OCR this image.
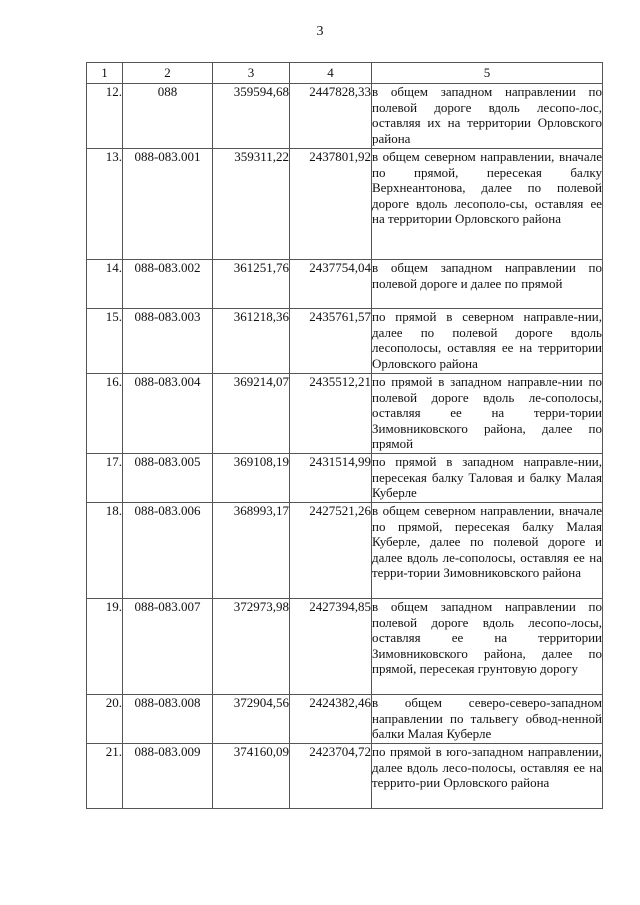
3
1	2	3	4	5
12.	088	359594,68	2447828,33	в общем западном направлении по полевой дороге вдоль лесопо-лос, оставляя их на территории Орловского района
13.	088-083.001	359311,22	2437801,92	в общем северном направлении, вначале по прямой, пересекая балку Верхнеантонова, далее по полевой дороге вдоль лесополо-сы, оставляя ее на территории Орловского района
14.	088-083.002	361251,76	2437754,04	в общем западном направлении по полевой дороге и далее по прямой
15.	088-083.003	361218,36	2435761,57	по прямой в северном направле-нии, далее по полевой дороге вдоль лесополосы, оставляя ее на территории Орловского района
16.	088-083.004	369214,07	2435512,21	по прямой в западном направле-нии по полевой дороге вдоль ле-сополосы, оставляя ее на терри-тории Зимовниковского района, далее по прямой
17.	088-083.005	369108,19	2431514,99	по прямой в западном направле-нии, пересекая балку Таловая и балку Малая Куберле
18.	088-083.006	368993,17	2427521,26	в общем северном направлении, вначале по прямой, пересекая балку Малая Куберле, далее по полевой дороге и далее вдоль ле-сополосы, оставляя ее на терри-тории Зимовниковского района
19.	088-083.007	372973,98	2427394,85	в общем западном направлении по полевой дороге вдоль лесопо-лосы, оставляя ее на территории Зимовниковского района, далее по прямой, пересекая грунтовую дорогу
20.	088-083.008	372904,56	2424382,46	в общем северо-северо-западном направлении по тальвегу обвод-ненной балки Малая Куберле
21.	088-083.009	374160,09	2423704,72	по прямой в юго-западном направлении, далее вдоль лесо-полосы, оставляя ее на террито-рии Орловского района
